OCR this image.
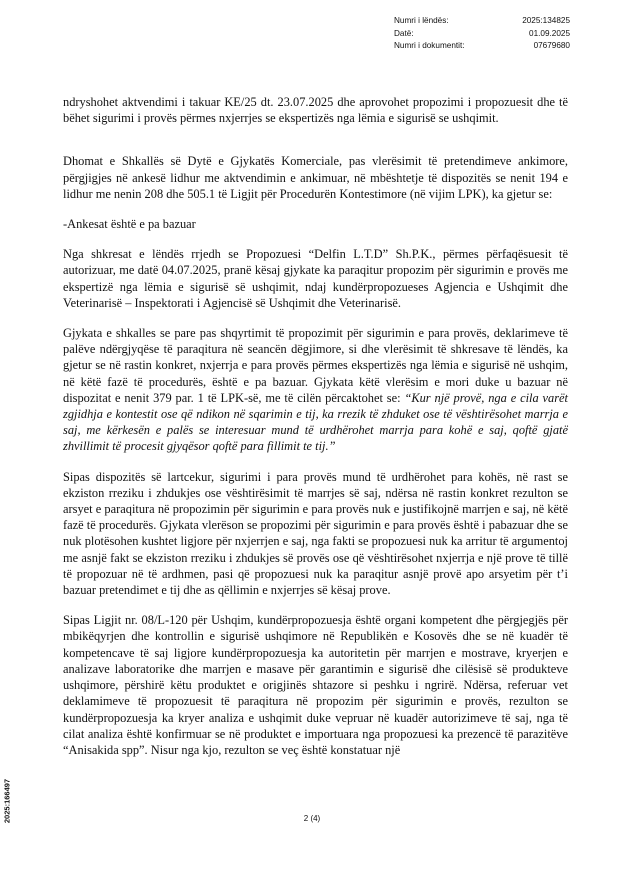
Numri i lëndës:	2025:134825
Datë:	01.09.2025
Numri i dokumentit:	07679680

ndryshohet aktvendimi i takuar KE/25 dt. 23.07.2025 dhe aprovohet propozimi i propozuesit dhe të bëhet sigurimi i provës përmes nxjerrjes se ekspertizës nga lëmia e sigurisë se ushqimit.

Dhomat e Shkallës së Dytë e Gjykatës Komerciale, pas vlerësimit të pretendimeve ankimore, përgjigjes në ankesë lidhur me aktvendimin e ankimuar, në mbështetje të dispozitës se nenit 194 e lidhur me nenin 208 dhe 505.1 të Ligjit për Procedurën Kontestimore (në vijim LPK), ka gjetur se:

-Ankesat është e pa bazuar

Nga shkresat e lëndës rrjedh se Propozuesi “Delfin L.T.D” Sh.P.K., përmes përfaqësuesit të autorizuar, me datë 04.07.2025, pranë kësaj gjykate ka paraqitur propozim për sigurimin e provës me ekspertizë nga lëmia e sigurisë së ushqimit, ndaj kundërpropozueses Agjencia e Ushqimit dhe Veterinarisë – Inspektorati i Agjencisë së Ushqimit dhe Veterinarisë.

Gjykata e shkalles se pare pas shqyrtimit të propozimit për sigurimin e para provës, deklarimeve të palëve ndërgjyqëse të paraqitura në seancën dëgjimore, si dhe vlerësimit të shkresave të lëndës, ka gjetur se në rastin konkret, nxjerrja e para provës përmes ekspertizës nga lëmia e sigurisë në ushqim, në këtë fazë të procedurës, është e pa bazuar. Gjykata këtë vlerësim e mori duke u bazuar në dispozitat e nenit 379 par. 1 të LPK-së, me të cilën përcaktohet se: “Kur një provë, nga e cila varët zgjidhja e kontestit ose që ndikon në sqarimin e tij, ka rrezik të zhduket ose të vështirësohet marrja e saj, me kërkesën e palës se interesuar mund të urdhërohet marrja para kohë e saj, qoftë gjatë zhvillimit të procesit gjyqësor qoftë para fillimit te tij.”

Sipas dispozitës së lartcekur, sigurimi i para provës mund të urdhërohet para kohës, në rast se ekziston rreziku i zhdukjes ose vështirësimit të marrjes së saj, ndërsa në rastin konkret rezulton se arsyet e paraqitura në propozimin për sigurimin e para provës nuk e justifikojnë marrjen e saj, në këtë fazë të procedurës. Gjykata vlerëson se propozimi për sigurimin e para provës është i pabazuar dhe se nuk plotësohen kushtet ligjore për nxjerrjen e saj, nga fakti se propozuesi nuk ka arritur të argumentoj me asnjë fakt se ekziston rreziku i zhdukjes së provës ose që vështirësohet nxjerrja e një prove të tillë të propozuar në të ardhmen, pasi që propozuesi nuk ka paraqitur asnjë provë apo arsyetim për t’i bazuar pretendimet e tij dhe as qëllimin e nxjerrjes së kësaj prove.

Sipas Ligjit nr. 08/L-120 për Ushqim, kundërpropozuesja është organi kompetent dhe përgjegjës për mbikëqyrjen dhe kontrollin e sigurisë ushqimore në Republikën e Kosovës dhe se në kuadër të kompetencave të saj ligjore kundërpropozuesja ka autoritetin për marrjen e mostrave, kryerjen e analizave laboratorike dhe marrjen e masave për garantimin e sigurisë dhe cilësisë së produkteve ushqimore, përshirë këtu produktet e origjinës shtazore si peshku i ngrirë. Ndërsa, referuar vet deklamimeve të propozuesit të paraqitura në propozim për sigurimin e provës, rezulton se kundërpropozuesja ka kryer analiza e ushqimit duke vepruar në kuadër autorizimeve të saj, nga të cilat analiza është konfirmuar se në produktet e importuara nga propozuesi ka prezencë të parazitëve “Anisakida spp”. Nisur nga kjo, rezulton se veç është konstatuar një

2 (4)
2025:166497
